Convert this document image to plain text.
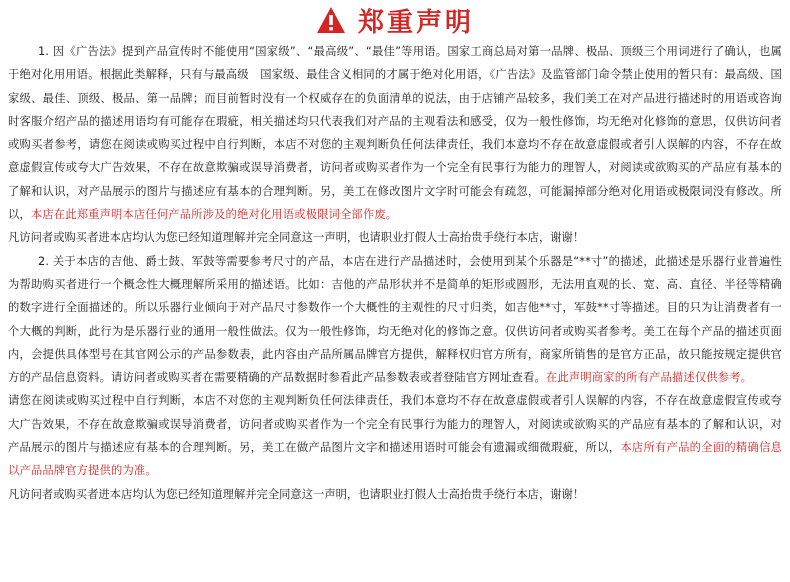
郑重声明

1. 因《广告法》提到产品宣传时不能使用“国家级”、“最高级”、“最佳”等用语。国家工商总局对第一品牌、极品、顶级三个用词进行了确认，也属于绝对化用用语。根据此类解释，只有与最高级　国家级、最佳含义相同的才属于绝对化用语，《广告法》及监管部门命令禁止使用的暂只有：最高级、国家级、最佳、顶级、极品、第一品牌；而目前暂时没有一个权威存在的负面清单的说法，由于店铺产品较多，我们美工在对产品进行描述时的用语或咨询时客服介绍产品的描述用语均有可能存在瑕疵，相关描述均只代表我们对产品的主观看法和感受，仅为一般性修饰，均无绝对化修饰的意思，仅供访问者或购买者参考，请您在阅读或购买过程中自行判断，本店不对您的主观判断负任何法律责任，我们本意均不存在故意虚假或者引人误解的内容，不存在故意虚假宣传或夸大广告效果，不存在故意欺骗或误导消费者，访问者或购买者作为一个完全有民事行为能力的理智人，对阅读或欲购买的产品应有基本的了解和认识，对产品展示的图片与描述应有基本的合理判断。另，美工在修改图片文字时可能会有疏忽，可能漏掉部分绝对化用语或极限词没有修改。所以，本店在此郑重声明本店任何产品所涉及的绝对化用语或极限词全部作废。

凡访问者或购买者进本店均认为您已经知道理解并完全同意这一声明，也请职业打假人士高抬贵手绕行本店，谢谢！

2. 关于本店的吉他、爵士鼓、军鼓等需要参考尺寸的产品，本店在进行产品描述时，会使用到某个乐器是“**寸”的描述，此描述是乐器行业普遍性为帮助购买者进行一个概念性大概理解所采用的描述语。比如：吉他的产品形状并不是简单的矩形或圆形，无法用直观的长、宽、高、直径、半径等精确的数字进行全面描述的。所以乐器行业倾向于对产品尺寸参数作一个大概性的主观性的尺寸归类，如吉他**寸，军鼓**寸等描述。目的只为让消费者有一个大概的判断，此行为是乐器行业的通用一般性做法。仅为一般性修饰，均无绝对化的修饰之意。仅供访问者或购买者参考。美工在每个产品的描述页面内，会提供具体型号在其官网公示的产品参数表，此内容由产品所属品牌官方提供，解释权归官方所有，商家所销售的是官方正品，故只能按规定提供官方的产品信息资料。请访问者或购买者在需要精确的产品数据时参看此产品参数表或者登陆官方网址查看。在此声明商家的所有产品描述仅供参考。

请您在阅读或购买过程中自行判断，本店不对您的主观判断负任何法律责任，我们本意均不存在故意虚假或者引人误解的内容，不存在故意虚假宣传或夸大广告效果，不存在故意欺骗或误导消费者，访问者或购买者作为一个完全有民事行为能力的理智人，对阅读或欲购买的产品应有基本的了解和认识，对产品展示的图片与描述应有基本的合理判断。另，美工在做产品图片文字和描述用语时可能会有遗漏或细微瑕疵，所以，本店所有产品的全面的精确信息以产品品牌官方提供的为准。

凡访问者或购买者进本店均认为您已经知道理解并完全同意这一声明，也请职业打假人士高抬贵手绕行本店，谢谢！
